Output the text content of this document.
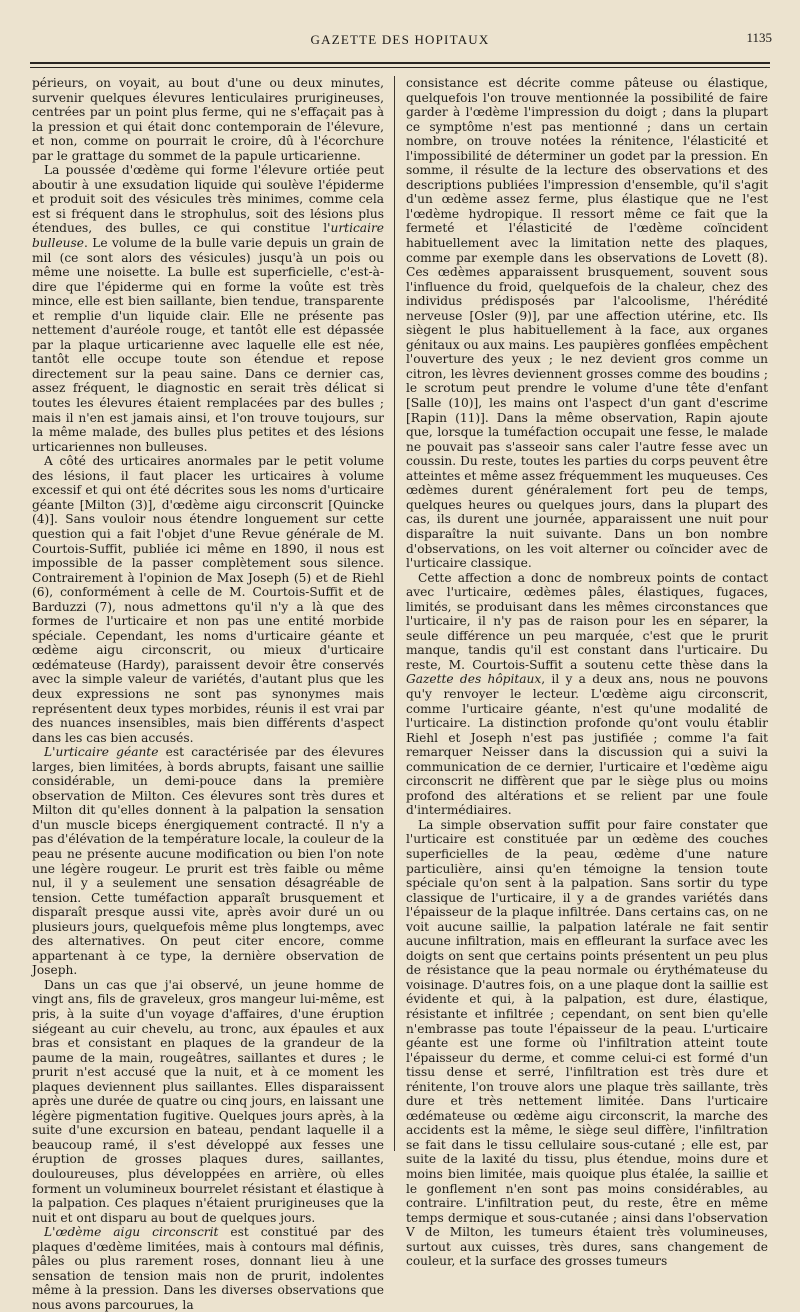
GAZETTE DES HOPITAUX	1135

périeurs, on voyait, au bout d'une ou deux minutes, survenir quelques élevures lenticulaires prurigineuses, centrées par un point plus ferme, qui ne s'effaçait pas à la pression et qui était donc contemporain de l'élevure, et non, comme on pourrait le croire, dû à l'écorchure par le grattage du sommet de la papule urticarienne.

La poussée d'œdème qui forme l'élevure ortiée peut aboutir à une exsudation liquide qui soulève l'épiderme et produit soit des vésicules très minimes, comme cela est si fréquent dans le strophulus, soit des lésions plus étendues, des bulles, ce qui constitue l'urticaire bulleuse. Le volume de la bulle varie depuis un grain de mil (ce sont alors des vésicules) jusqu'à un pois ou même une noisette. La bulle est superficielle, c'est-à-dire que l'épiderme qui en forme la voûte est très mince, elle est bien saillante, bien tendue, transparente et remplie d'un liquide clair. Elle ne présente pas nettement d'auréole rouge, et tantôt elle est dépassée par la plaque urticarienne avec laquelle elle est née, tantôt elle occupe toute son étendue et repose directement sur la peau saine. Dans ce dernier cas, assez fréquent, le diagnostic en serait très délicat si toutes les élevures étaient remplacées par des bulles ; mais il n'en est jamais ainsi, et l'on trouve toujours, sur la même malade, des bulles plus petites et des lésions urticariennes non bulleuses.

A côté des urticaires anormales par le petit volume des lésions, il faut placer les urticaires à volume excessif et qui ont été décrites sous les noms d'urticaire géante [Milton (3)], d'œdème aigu circonscrit [Quincke (4)]. Sans vouloir nous étendre longuement sur cette question qui a fait l'objet d'une Revue générale de M. Courtois-Suffit, publiée ici même en 1890, il nous est impossible de la passer complètement sous silence. Contrairement à l'opinion de Max Joseph (5) et de Riehl (6), conformément à celle de M. Courtois-Suffit et de Barduzzi (7), nous admettons qu'il n'y a là que des formes de l'urticaire et non pas une entité morbide spéciale. Cependant, les noms d'urticaire géante et œdème aigu circonscrit, ou mieux d'urticaire œdémateuse (Hardy), paraissent devoir être conservés avec la simple valeur de variétés, d'autant plus que les deux expressions ne sont pas synonymes mais représentent deux types morbides, réunis il est vrai par des nuances insensibles, mais bien différents d'aspect dans les cas bien accusés.

L'urticaire géante est caractérisée par des élevures larges, bien limitées, à bords abrupts, faisant une saillie considérable, un demi-pouce dans la première observation de Milton. Ces élevures sont très dures et Milton dit qu'elles donnent à la palpation la sensation d'un muscle biceps énergiquement contracté. Il n'y a pas d'élévation de la température locale, la couleur de la peau ne présente aucune modification ou bien l'on note une légère rougeur. Le prurit est très faible ou même nul, il y a seulement une sensation désagréable de tension. Cette tuméfaction apparaît brusquement et disparaît presque aussi vite, après avoir duré un ou plusieurs jours, quelquefois même plus longtemps, avec des alternatives. On peut citer encore, comme appartenant à ce type, la dernière observation de Joseph.

Dans un cas que j'ai observé, un jeune homme de vingt ans, fils de graveleux, gros mangeur lui-même, est pris, à la suite d'un voyage d'affaires, d'une éruption siégeant au cuir chevelu, au tronc, aux épaules et aux bras et consistant en plaques de la grandeur de la paume de la main, rougeâtres, saillantes et dures ; le prurit n'est accusé que la nuit, et à ce moment les plaques deviennent plus saillantes. Elles disparaissent après une durée de quatre ou cinq jours, en laissant une légère pigmentation fugitive. Quelques jours après, à la suite d'une excursion en bateau, pendant laquelle il a beaucoup ramé, il s'est développé aux fesses une éruption de grosses plaques dures, saillantes, douloureuses, plus développées en arrière, où elles forment un volumineux bourrelet résistant et élastique à la palpation. Ces plaques n'étaient prurigineuses que la nuit et ont disparu au bout de quelques jours.

L'œdème aigu circonscrit est constitué par des plaques d'œdème limitées, mais à contours mal définis, pâles ou plus rarement roses, donnant lieu à une sensation de tension mais non de prurit, indolentes même à la pression. Dans les diverses observations que nous avons parcourues, la

consistance est décrite comme pâteuse ou élastique, quelquefois l'on trouve mentionnée la possibilité de faire garder à l'œdème l'impression du doigt ; dans la plupart ce symptôme n'est pas mentionné ; dans un certain nombre, on trouve notées la rénitence, l'élasticité et l'impossibilité de déterminer un godet par la pression. En somme, il résulte de la lecture des observations et des descriptions publiées l'impression d'ensemble, qu'il s'agit d'un œdème assez ferme, plus élastique que ne l'est l'œdème hydropique. Il ressort même ce fait que la fermeté et l'élasticité de l'œdème coïncident habituellement avec la limitation nette des plaques, comme par exemple dans les observations de Lovett (8). Ces œdèmes apparaissent brusquement, souvent sous l'influence du froid, quelquefois de la chaleur, chez des individus prédisposés par l'alcoolisme, l'hérédité nerveuse [Osler (9)], par une affection utérine, etc. Ils siègent le plus habituellement à la face, aux organes génitaux ou aux mains. Les paupières gonflées empêchent l'ouverture des yeux ; le nez devient gros comme un citron, les lèvres deviennent grosses comme des boudins ; le scrotum peut prendre le volume d'une tête d'enfant [Salle (10)], les mains ont l'aspect d'un gant d'escrime [Rapin (11)]. Dans la même observation, Rapin ajoute que, lorsque la tuméfaction occupait une fesse, le malade ne pouvait pas s'asseoir sans caler l'autre fesse avec un coussin. Du reste, toutes les parties du corps peuvent être atteintes et même assez fréquemment les muqueuses. Ces œdèmes durent généralement fort peu de temps, quelques heures ou quelques jours, dans la plupart des cas, ils durent une journée, apparaissent une nuit pour disparaître la nuit suivante. Dans un bon nombre d'observations, on les voit alterner ou coïncider avec de l'urticaire classique.

Cette affection a donc de nombreux points de contact avec l'urticaire, œdèmes pâles, élastiques, fugaces, limités, se produisant dans les mêmes circonstances que l'urticaire, il n'y pas de raison pour les en séparer, la seule différence un peu marquée, c'est que le prurit manque, tandis qu'il est constant dans l'urticaire. Du reste, M. Courtois-Suffit a soutenu cette thèse dans la Gazette des hôpitaux, il y a deux ans, nous ne pouvons qu'y renvoyer le lecteur. L'œdème aigu circonscrit, comme l'urticaire géante, n'est qu'une modalité de l'urticaire. La distinction profonde qu'ont voulu établir Riehl et Joseph n'est pas justifiée ; comme l'a fait remarquer Neisser dans la discussion qui a suivi la communication de ce dernier, l'urticaire et l'œdème aigu circonscrit ne diffèrent que par le siège plus ou moins profond des altérations et se relient par une foule d'intermédiaires.

La simple observation suffit pour faire constater que l'urticaire est constituée par un œdème des couches superficielles de la peau, œdème d'une nature particulière, ainsi qu'en témoigne la tension toute spéciale qu'on sent à la palpation. Sans sortir du type classique de l'urticaire, il y a de grandes variétés dans l'épaisseur de la plaque infiltrée. Dans certains cas, on ne voit aucune saillie, la palpation latérale ne fait sentir aucune infiltration, mais en effleurant la surface avec les doigts on sent que certains points présentent un peu plus de résistance que la peau normale ou érythémateuse du voisinage. D'autres fois, on a une plaque dont la saillie est évidente et qui, à la palpation, est dure, élastique, résistante et infiltrée ; cependant, on sent bien qu'elle n'embrasse pas toute l'épaisseur de la peau. L'urticaire géante est une forme où l'infiltration atteint toute l'épaisseur du derme, et comme celui-ci est formé d'un tissu dense et serré, l'infiltration est très dure et rénitente, l'on trouve alors une plaque très saillante, très dure et très nettement limitée. Dans l'urticaire œdémateuse ou œdème aigu circonscrit, la marche des accidents est la même, le siège seul diffère, l'infiltration se fait dans le tissu cellulaire sous-cutané ; elle est, par suite de la laxité du tissu, plus étendue, moins dure et moins bien limitée, mais quoique plus étalée, la saillie et le gonflement n'en sont pas moins considérables, au contraire. L'infiltration peut, du reste, être en même temps dermique et sous-cutanée ; ainsi dans l'observation V de Milton, les tumeurs étaient très volumineuses, surtout aux cuisses, très dures, sans changement de couleur, et la surface des grosses tumeurs
